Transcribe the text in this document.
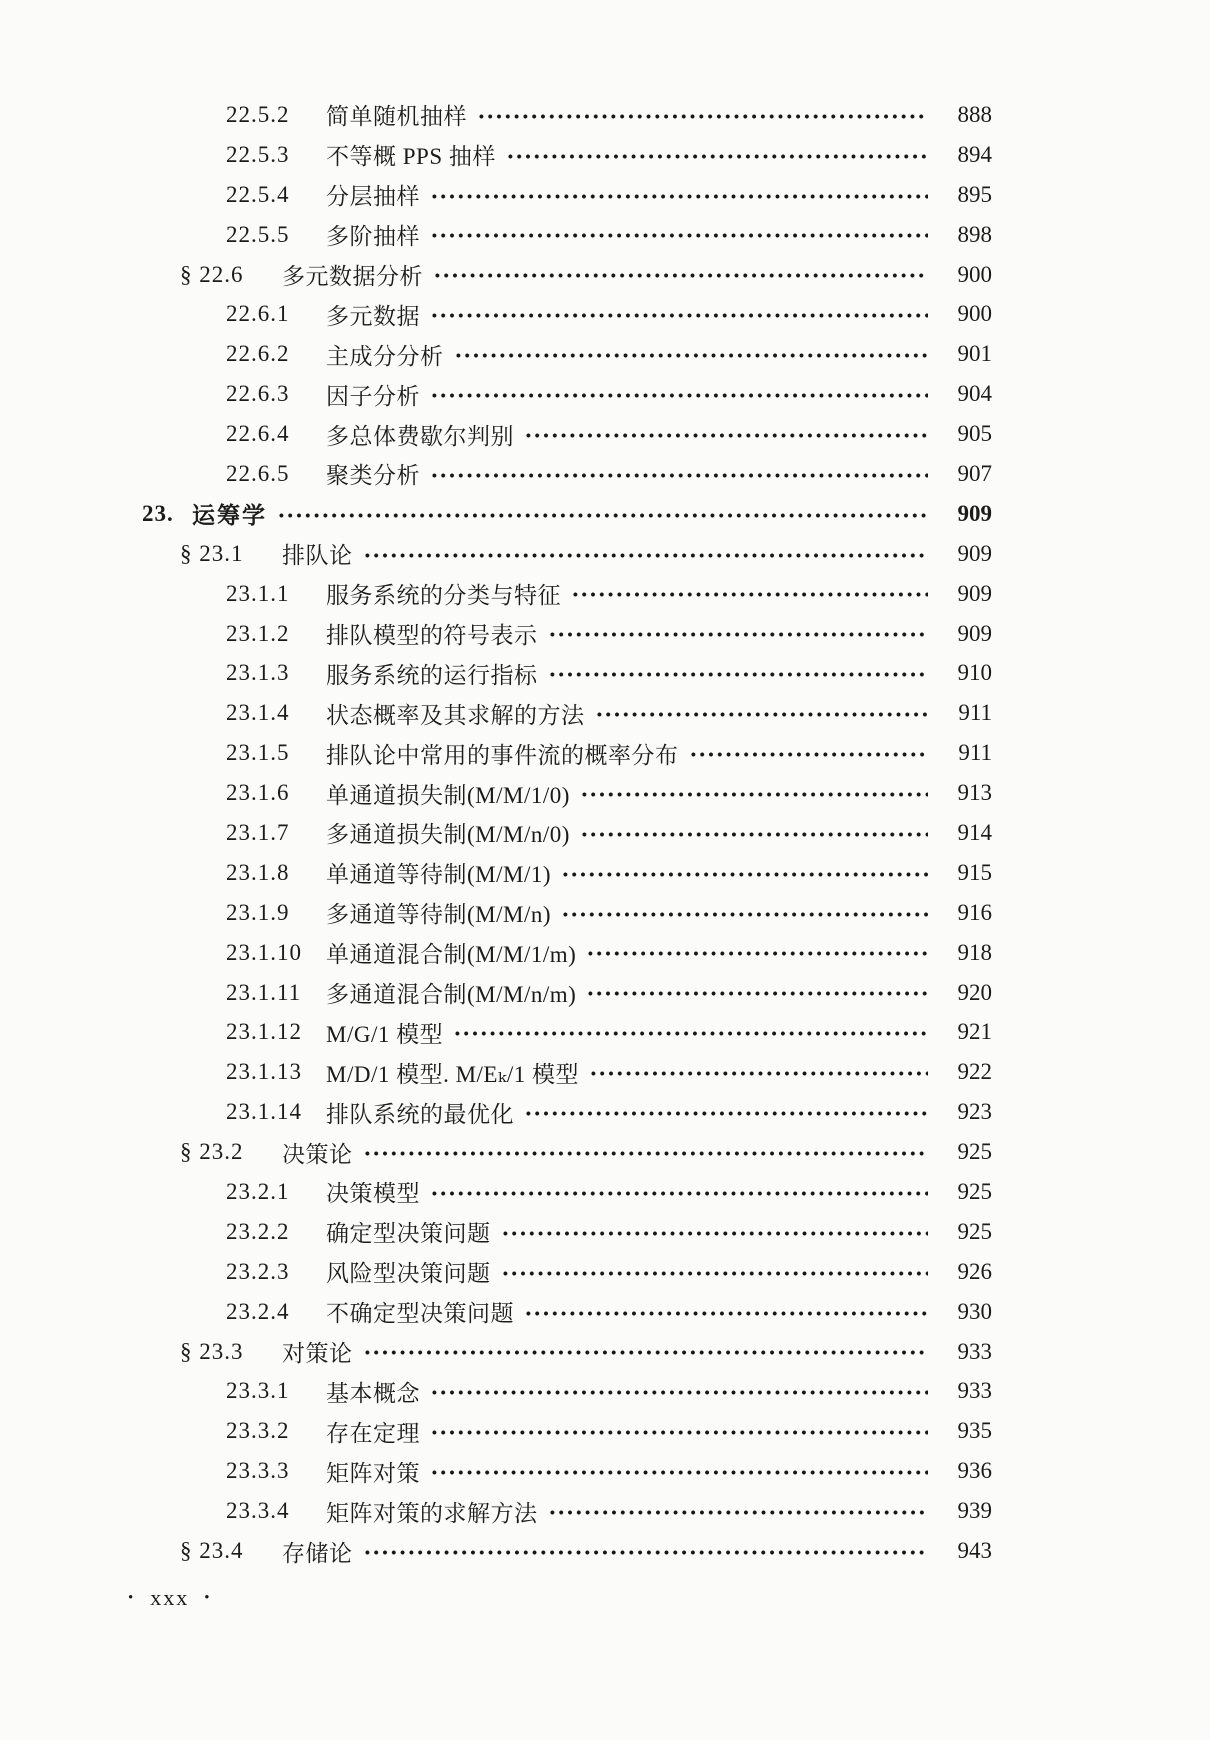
22.5.2	简单随机抽样	888
22.5.3	不等概 PPS 抽样	894
22.5.4	分层抽样	895
22.5.5	多阶抽样	898
§ 22.6	多元数据分析	900
22.6.1	多元数据	900
22.6.2	主成分分析	901
22.6.3	因子分析	904
22.6.4	多总体费歇尔判别	905
22.6.5	聚类分析	907
23. 运筹学	909
§ 23.1	排队论	909
23.1.1	服务系统的分类与特征	909
23.1.2	排队模型的符号表示	909
23.1.3	服务系统的运行指标	910
23.1.4	状态概率及其求解的方法	911
23.1.5	排队论中常用的事件流的概率分布	911
23.1.6	单通道损失制(M/M/1/0)	913
23.1.7	多通道损失制(M/M/n/0)	914
23.1.8	单通道等待制(M/M/1)	915
23.1.9	多通道等待制(M/M/n)	916
23.1.10	单通道混合制(M/M/1/m)	918
23.1.11	多通道混合制(M/M/n/m)	920
23.1.12	M/G/1 模型	921
23.1.13	M/D/1 模型. M/Eₖ/1 模型	922
23.1.14	排队系统的最优化	923
§ 23.2	决策论	925
23.2.1	决策模型	925
23.2.2	确定型决策问题	925
23.2.3	风险型决策问题	926
23.2.4	不确定型决策问题	930
§ 23.3	对策论	933
23.3.1	基本概念	933
23.3.2	存在定理	935
23.3.3	矩阵对策	936
23.3.4	矩阵对策的求解方法	939
§ 23.4	存储论	943
• xxx •
